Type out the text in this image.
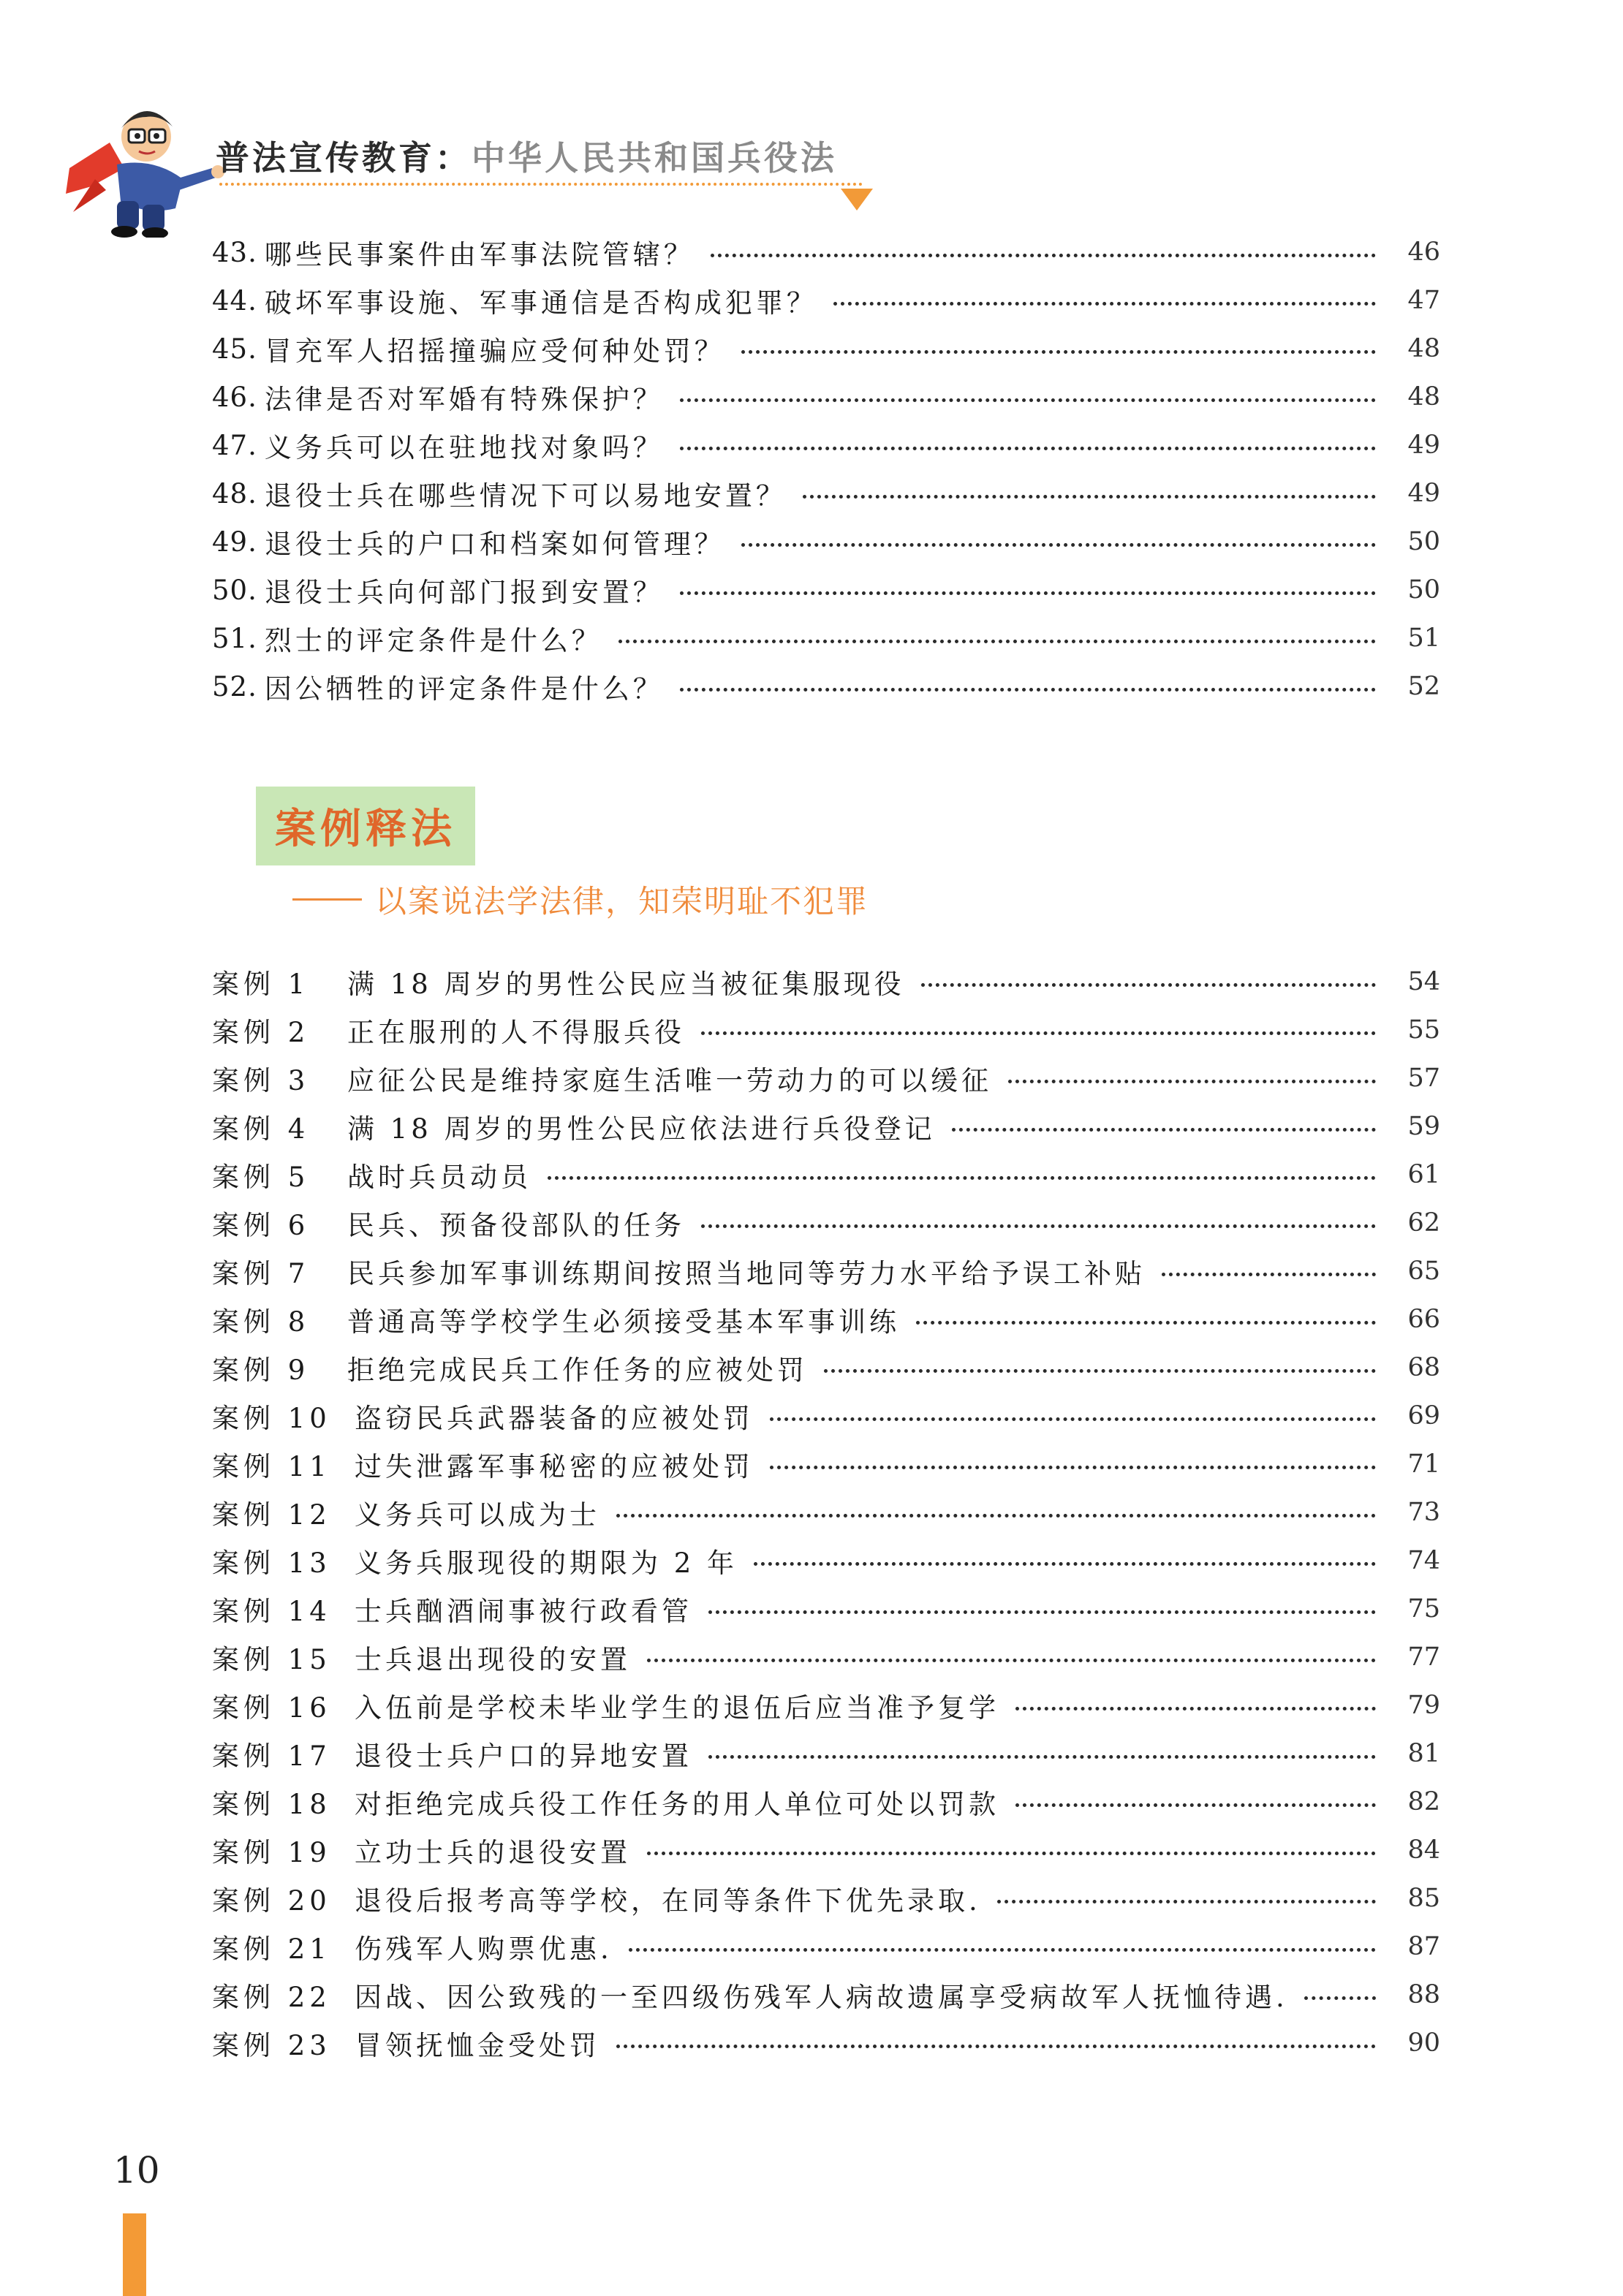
普法宣传教育：中华人民共和国兵役法
43. 哪些民事案件由军事法院管辖？	46
44. 破坏军事设施、军事通信是否构成犯罪？	47
45. 冒充军人招摇撞骗应受何种处罚？	48
46. 法律是否对军婚有特殊保护？	48
47. 义务兵可以在驻地找对象吗？	49
48. 退役士兵在哪些情况下可以易地安置？	49
49. 退役士兵的户口和档案如何管理？	50
50. 退役士兵向何部门报到安置？	50
51. 烈士的评定条件是什么？	51
52. 因公牺牲的评定条件是什么？	52
案例释法
以案说法学法律，知荣明耻不犯罪
案例 1	满 18 周岁的男性公民应当被征集服现役	54
案例 2	正在服刑的人不得服兵役	55
案例 3	应征公民是维持家庭生活唯一劳动力的可以缓征	57
案例 4	满 18 周岁的男性公民应依法进行兵役登记	59
案例 5	战时兵员动员	61
案例 6	民兵、预备役部队的任务	62
案例 7	民兵参加军事训练期间按照当地同等劳力水平给予误工补贴	65
案例 8	普通高等学校学生必须接受基本军事训练	66
案例 9	拒绝完成民兵工作任务的应被处罚	68
案例 10 盗窃民兵武器装备的应被处罚	69
案例 11 过失泄露军事秘密的应被处罚	71
案例 12 义务兵可以成为士	73
案例 13 义务兵服现役的期限为 2 年	74
案例 14 士兵酗酒闹事被行政看管	75
案例 15 士兵退出现役的安置	77
案例 16 入伍前是学校未毕业学生的退伍后应当准予复学	79
案例 17 退役士兵户口的异地安置	81
案例 18 对拒绝完成兵役工作任务的用人单位可处以罚款	82
案例 19 立功士兵的退役安置	84
案例 20 退役后报考高等学校，在同等条件下优先录取.	85
案例 21 伤残军人购票优惠.	87
案例 22 因战、因公致残的一至四级伤残军人病故遗属享受病故军人抚恤待遇.	88
案例 23 冒领抚恤金受处罚	90
10
